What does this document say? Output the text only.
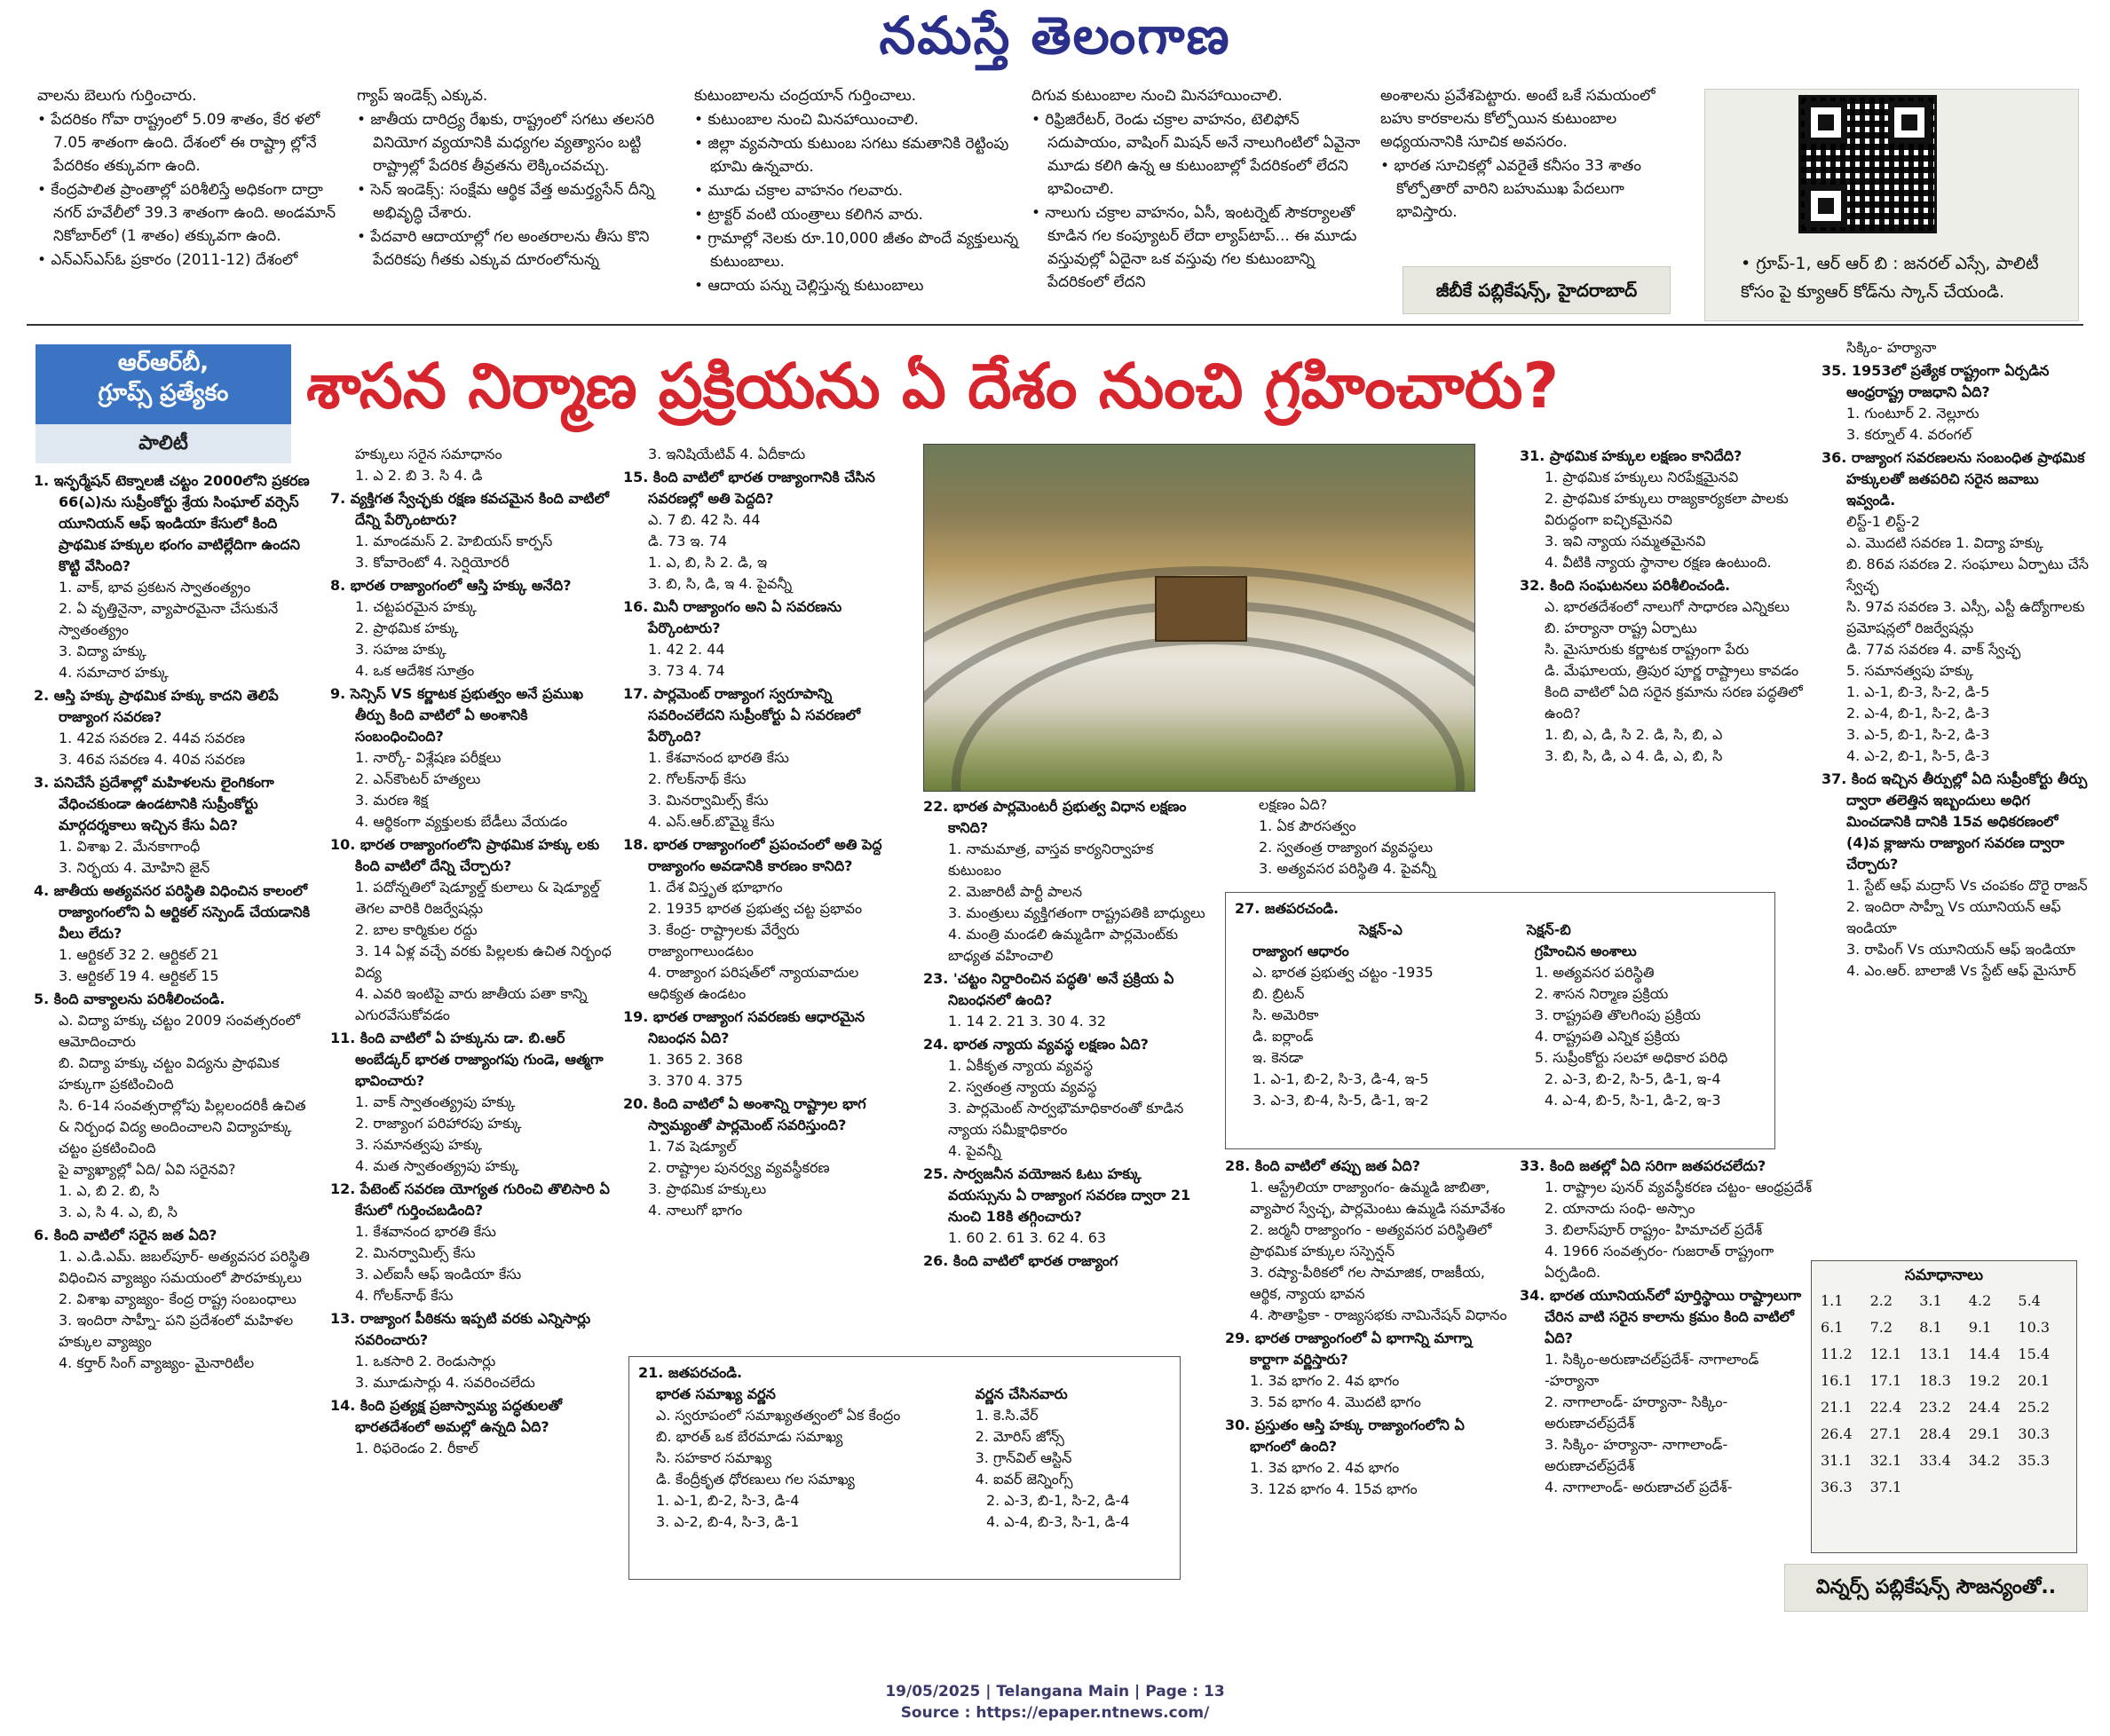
నమస్తే తెలంగాణ
వాలను బెలుగు గుర్తించారు.
• పేదరికం గోవా రాష్ట్రంలో 5.09 శాతం, కేర ళలో 7.05 శాతంగా ఉంది. దేశంలో ఈ రాష్ట్రా ల్లోనే పేదరికం తక్కువగా ఉంది.
• కేంద్రపాలిత ప్రాంతాల్లో పరిశీలిస్తే అధికంగా దాద్రా నగర్ హవేలీలో 39.3 శాతంగా ఉంది. అండమాన్ నికోబార్‌లో (1 శాతం) తక్కువగా ఉంది.
• ఎన్ఎస్ఎస్ఓ ప్రకారం (2011-12) దేశంలో
గ్యాప్ ఇండెక్స్ ఎక్కువ.
• జాతీయ దారిద్ర్య రేఖకు, రాష్ట్రంలో సగటు తలసరి వినియోగ వ్యయానికి మధ్యగల వ్యత్యాసం బట్టి రాష్ట్రాల్లో పేదరిక తీవ్రతను లెక్కించవచ్చు.
• సెన్ ఇండెక్స్: సంక్షేమ ఆర్థిక వేత్త అమర్త్యసేన్ దీన్ని అభివృద్ధి చేశారు.
• పేదవారి ఆదాయాల్లో గల అంతరాలను తీసు కొని పేదరికపు గీతకు ఎక్కువ దూరంలోనున్న
కుటుంబాలను చంద్రయాన్ గుర్తించాలు.
• కుటుంబాల నుంచి మినహాయించాలి.
• జిల్లా వ్యవసాయ కుటుంబ సగటు కమతానికి రెట్టింపు భూమి ఉన్నవారు.
• మూడు చక్రాల వాహనం గలవారు.
• ట్రాక్టర్ వంటి యంత్రాలు కలిగిన వారు.
• గ్రామాల్లో నెలకు రూ.10,000 జీతం పొందే వ్యక్తులున్న కుటుంబాలు.
• ఆదాయ పన్ను చెల్లిస్తున్న కుటుంబాలు
దిగువ కుటుంబాల నుంచి మినహాయించాలి.
• రిఫ్రిజిరేటర్, రెండు చక్రాల వాహనం, టెలిఫోన్ సదుపాయం, వాషింగ్ మిషన్ అనే నాలుగింటిలో ఏవైనా మూడు కలిగి ఉన్న ఆ కుటుంబాల్లో పేదరికంలో లేదని భావించాలి.
• నాలుగు చక్రాల వాహనం, ఏసీ, ఇంటర్నెట్ సౌకర్యాలతో కూడిన గల కంప్యూటర్ లేదా ల్యాప్‌టాప్... ఈ మూడు వస్తువుల్లో ఏదైనా ఒక వస్తువు గల కుటుంబాన్ని పేదరికంలో లేదని
అంశాలను ప్రవేశపెట్టారు. అంటే ఒకే సమయంలో బహు కారకాలను కోల్పోయిన కుటుంబాల అధ్యయనానికి సూచిక అవసరం.
• భారత సూచికల్లో ఎవరైతే కనీసం 33 శాతం కోల్పోతారో వారిని బహుముఖ పేదలుగా భావిస్తారు.
జీబీకే పబ్లికేషన్స్, హైదరాబాద్
• గ్రూప్-1, ఆర్ ఆర్ బి : జనరల్ ఎస్సే, పాలిటీ కోసం పై క్యూఆర్ కోడ్‌ను స్కాన్ చేయండి.
ఆర్ఆర్‌బీ,
గ్రూప్స్ ప్రత్యేకం
పాలిటీ
శాసన నిర్మాణ ప్రక్రియను ఏ దేశం నుంచి గ్రహించారు?
1. ఇన్ఫర్మేషన్ టెక్నాలజీ చట్టం 2000లోని ప్రకరణ 66(ఎ)ను సుప్రీంకోర్టు శ్రేయ సింఘాల్ వర్సెస్ యూనియన్ ఆఫ్ ఇండియా కేసులో కింది ప్రాథమిక హక్కుల భంగం వాటిల్లేదిగా ఉందని కొట్టి వేసింది?
1. వాక్, భావ ప్రకటన స్వాతంత్య్రం
2. ఏ వృత్తినైనా, వ్యాపారమైనా చేసుకునే స్వాతంత్య్రం
3. విద్యా హక్కు
4. సమాచార హక్కు
2. ఆస్తి హక్కు ప్రాథమిక హక్కు కాదని తెలిపే రాజ్యాంగ సవరణ?
1. 42వ సవరణ 2. 44వ సవరణ
3. 46వ సవరణ 4. 40వ సవరణ
3. పనిచేసే ప్రదేశాల్లో మహిళలను లైంగికంగా వేధించకుండా ఉండటానికి సుప్రీంకోర్టు మార్గదర్శకాలు ఇచ్చిన కేసు ఏది?
1. విశాఖ 2. మేనకాగాంధీ
3. నిర్భయ 4. మోహిని జైన్
4. జాతీయ అత్యవసర పరిస్థితి విధించిన కాలంలో రాజ్యాంగంలోని ఏ ఆర్టికల్ సస్పెండ్ చేయడానికి వీలు లేదు?
1. ఆర్టికల్ 32 2. ఆర్టికల్ 21
3. ఆర్టికల్ 19 4. ఆర్టికల్ 15
5. కింది వాక్యాలను పరిశీలించండి.
ఎ. విద్యా హక్కు చట్టం 2009 సంవత్సరంలో ఆమోదించారు
బి. విద్యా హక్కు చట్టం విద్యను ప్రాథమిక హక్కుగా ప్రకటించింది
సి. 6-14 సంవత్సరాల్లోపు పిల్లలందరికీ ఉచిత & నిర్బంధ విద్య అందించాలని విద్యాహక్కు చట్టం ప్రకటించింది
పై వ్యాఖ్యాల్లో ఏది/ ఏవి సరైనవి?
1. ఎ, బి 2. బి, సి
3. ఎ, సి 4. ఎ, బి, సి
6. కింది వాటిలో సరైన జత ఏది?
1. ఎ.డి.ఎమ్. జబల్‌పూర్- అత్యవసర పరిస్థితి విధించిన వ్యాజ్యం సమయంలో పౌరహక్కులు
2. విశాఖ వ్యాజ్యం- కేంద్ర రాష్ట్ర సంబంధాలు
3. ఇందిరా సాహ్నీ- పని ప్రదేశంలో మహిళల హక్కుల వ్యాజ్యం
4. కర్తార్ సింగ్ వ్యాజ్యం- మైనారిటీల
హక్కులు సరైన సమాధానం
1. ఎ 2. బి 3. సి 4. డి
7. వ్యక్తిగత స్వేచ్ఛకు రక్షణ కవచమైన కింది వాటిలో దేన్ని పేర్కొంటారు?
1. మాండమస్ 2. హెబియస్ కార్పస్
3. కోవారెంటో 4. సెర్షియోరరీ
8. భారత రాజ్యాంగంలో ఆస్తి హక్కు అనేది?
1. చట్టపరమైన హక్కు
2. ప్రాథమిక హక్కు
3. సహజ హక్కు
4. ఒక ఆదేశిక సూత్రం
9. సెన్సిస్ VS కర్ణాటక ప్రభుత్వం అనే ప్రముఖ తీర్పు కింది వాటిలో ఏ అంశానికి సంబంధించింది?
1. నార్కో- విశ్లేషణ పరీక్షలు
2. ఎన్‌కౌంటర్ హత్యలు
3. మరణ శిక్ష
4. ఆర్థికంగా వ్యక్తులకు బేడీలు వేయడం
10. భారత రాజ్యాంగంలోని ప్రాథమిక హక్కు లకు కింది వాటిలో దేన్ని చేర్చారు?
1. పదోన్నతిలో షెడ్యూల్డ్ కులాలు & షెడ్యూల్డ్ తెగల వారికి రిజర్వేషన్లు
2. బాల కార్మికుల రద్దు
3. 14 ఏళ్ల వచ్చే వరకు పిల్లలకు ఉచిత నిర్బంధ విద్య
4. ఎవరి ఇంటిపై వారు జాతీయ పతా కాన్ని ఎగురవేసుకోవడం
11. కింది వాటిలో ఏ హక్కును డా. బి.ఆర్ అంబేడ్కర్ భారత రాజ్యాంగపు గుండె, ఆత్మగా భావించారు?
1. వాక్ స్వాతంత్య్రపు హక్కు
2. రాజ్యాంగ పరిహారపు హక్కు
3. సమానత్వపు హక్కు
4. మత స్వాతంత్య్రపు హక్కు
12. పేటెంట్ సవరణ యోగ్యత గురించి తొలిసారి ఏ కేసులో గుర్తించబడింది?
1. కేశవానంద భారతి కేసు
2. మినర్వామిల్స్ కేసు
3. ఎల్ఐసీ ఆఫ్ ఇండియా కేసు
4. గోలక్‌నాథ్ కేసు
13. రాజ్యాంగ పీఠికను ఇప్పటి వరకు ఎన్నిసార్లు సవరించారు?
1. ఒకసారి 2. రెండుసార్లు
3. మూడుసార్లు 4. సవరించలేదు
14. కింది ప్రత్యక్ష ప్రజాస్వామ్య పద్ధతులతో భారతదేశంలో అమల్లో ఉన్నది ఏది?
1. రిఫరెండం 2. రీకాల్
3. ఇనిషియేటివ్ 4. ఏదీకాదు
15. కింది వాటిలో భారత రాజ్యాంగానికి చేసిన సవరణల్లో అతి పెద్దది?
ఎ. 7 బి. 42 సి. 44
డి. 73 ఇ. 74
1. ఎ, బి, సి 2. డి, ఇ
3. బి, సి, డి, ఇ 4. పైవన్నీ
16. మినీ రాజ్యాంగం అని ఏ సవరణను పేర్కొంటారు?
1. 42 2. 44
3. 73 4. 74
17. పార్లమెంట్ రాజ్యాంగ స్వరూపాన్ని సవరించలేదని సుప్రీంకోర్టు ఏ సవరణలో పేర్కొంది?
1. కేశవానంద భారతి కేసు
2. గోలక్‌నాథ్ కేసు
3. మినర్వామిల్స్ కేసు
4. ఎస్.ఆర్.బొమ్మై కేసు
18. భారత రాజ్యాంగంలో ప్రపంచంలో అతి పెద్ద రాజ్యాంగం అవడానికి కారణం కానిది?
1. దేశ విస్తృత భూభాగం
2. 1935 భారత ప్రభుత్వ చట్ట ప్రభావం
3. కేంద్ర- రాష్ట్రాలకు వేర్వేరు రాజ్యాంగాలుండటం
4. రాజ్యాంగ పరిషత్‌లో న్యాయవాదుల ఆధిక్యత ఉండటం
19. భారత రాజ్యాంగ సవరణకు ఆధారమైన నిబంధన ఏది?
1. 365 2. 368
3. 370 4. 375
20. కింది వాటిలో ఏ అంశాన్ని రాష్ట్రాల భాగ స్వామ్యంతో పార్లమెంట్ సవరిస్తుంది?
1. 7వ షెడ్యూల్
2. రాష్ట్రాల పునర్వ్య వ్యవస్థీకరణ
3. ప్రాథమిక హక్కులు
4. నాలుగో భాగం
22. భారత పార్లమెంటరీ ప్రభుత్వ విధాన లక్షణం కానిది?
1. నామమాత్ర, వాస్తవ కార్యనిర్వాహక కుటుంబం
2. మెజారిటీ పార్టీ పాలన
3. మంత్రులు వ్యక్తిగతంగా రాష్ట్రపతికి బాధ్యులు
4. మంత్రి మండలి ఉమ్మడిగా పార్లమెంట్‌కు బాధ్యత వహించాలి
23. 'చట్టం నిర్దారించిన పద్ధతి' అనే ప్రక్రియ ఏ నిబంధనలో ఉంది?
1. 14 2. 21 3. 30 4. 32
24. భారత న్యాయ వ్యవస్థ లక్షణం ఏది?
1. ఏకీకృత న్యాయ వ్యవస్థ
2. స్వతంత్ర న్యాయ వ్యవస్థ
3. పార్లమెంట్ సార్వభౌమాధికారంతో కూడిన న్యాయ సమీక్షాధికారం
4. పైవన్నీ
25. సార్వజనీన వయోజన ఓటు హక్కు వయస్సును ఏ రాజ్యాంగ సవరణ ద్వారా 21 నుంచి 18కి తగ్గించారు?
1. 60 2. 61 3. 62 4. 63
26. కింది వాటిలో భారత రాజ్యాంగ
లక్షణం ఏది?
1. ఏక పౌరసత్వం
2. స్వతంత్ర రాజ్యాంగ వ్యవస్థలు
3. అత్యవసర పరిస్థితి 4. పైవన్నీ
27. జతపరచండి.
సెక్షన్-ఎ	సెక్షన్-బి
రాజ్యాంగ ఆధారం	గ్రహించిన అంశాలు
ఎ. భారత ప్రభుత్వ చట్టం -1935	1. అత్యవసర పరిస్థితి
బి. బ్రిటన్	2. శాసన నిర్మాణ ప్రక్రియ
సి. అమెరికా	3. రాష్ట్రపతి తొలగింపు ప్రక్రియ
డి. ఐర్లాండ్	4. రాష్ట్రపతి ఎన్నిక ప్రక్రియ
ఇ. కెనడా	5. సుప్రీంకోర్టు సలహా అధికార పరిధి
1. ఎ-1, బి-2, సి-3, డి-4, ఇ-5	2. ఎ-3, బి-2, సి-5, డి-1, ఇ-4
3. ఎ-3, బి-4, సి-5, డి-1, ఇ-2	4. ఎ-4, బి-5, సి-1, డి-2, ఇ-3
28. కింది వాటిలో తప్పు జత ఏది?
1. ఆస్ట్రేలియా రాజ్యాంగం- ఉమ్మడి జాబితా, వ్యాపార స్వేచ్ఛ, పార్లమెంటు ఉమ్మడి సమావేశం
2. జర్మనీ రాజ్యాంగం - అత్యవసర పరిస్థితిలో ప్రాథమిక హక్కుల సస్పెన్షన్
3. రష్యా-పీఠికలో గల సామాజిక, రాజకీయ, ఆర్థిక, న్యాయ భావన
4. సౌతాఫ్రికా - రాజ్యసభకు నామినేషన్ విధానం
29. భారత రాజ్యాంగంలో ఏ భాగాన్ని మాగ్నా కార్టాగా వర్ణిస్తారు?
1. 3వ భాగం 2. 4వ భాగం
3. 5వ భాగం 4. మొదటి భాగం
30. ప్రస్తుతం ఆస్తి హక్కు రాజ్యాంగంలోని ఏ భాగంలో ఉంది?
1. 3వ భాగం 2. 4వ భాగం
3. 12వ భాగం 4. 15వ భాగం
21. జతపరచండి.
భారత సమాఖ్య వర్ణన	వర్ణన చేసినవారు
ఎ. స్వరూపంలో సమాఖ్యతత్వంలో ఏక కేంద్రం	1. కె.సి.వేర్
బి. భారత్ ఒక బేరమాడు సమాఖ్య	2. మోరిస్ జోన్స్
సి. సహకార సమాఖ్య	3. గ్రాన్‌విల్ ఆస్టిన్
డి. కేంద్రీకృత ధోరణులు గల సమాఖ్య	4. ఐవర్ జెన్నింగ్స్
1. ఎ-1, బి-2, సి-3, డి-4	2. ఎ-3, బి-1, సి-2, డి-4
3. ఎ-2, బి-4, సి-3, డి-1	4. ఎ-4, బి-3, సి-1, డి-4
31. ప్రాథమిక హక్కుల లక్షణం కానిదేది?
1. ప్రాథమిక హక్కులు నిరపేక్షమైనవి
2. ప్రాథమిక హక్కులు రాజ్యకార్యకలా పాలకు విరుద్ధంగా ఐచ్ఛికమైనవి
3. ఇవి న్యాయ సమ్మతమైనవి
4. వీటికి న్యాయ స్థానాల రక్షణ ఉంటుంది.
32. కింది సంఘటనలు పరిశీలించండి.
ఎ. భారతదేశంలో నాలుగో సాధారణ ఎన్నికలు
బి. హర్యానా రాష్ట్ర ఏర్పాటు
సి. మైసూరుకు కర్ణాటక రాష్ట్రంగా పేరు
డి. మేఘాలయ, త్రిపుర పూర్ణ రాష్ట్రాలు కావడం
కింది వాటిలో ఏది సరైన క్రమాను సరణ పద్ధతిలో ఉంది?
1. బి, ఎ, డి, సి 2. డి, సి, బి, ఎ
3. బి, సి, డి, ఎ 4. డి, ఎ, బి, సి
33. కింది జతల్లో ఏది సరిగా జతపరచలేదు?
1. రాష్ట్రాల పునర్ వ్యవస్థీకరణ చట్టం- ఆంధ్రప్రదేశ్
2. యానాదు సంధి- అస్సాం
3. బిలాస్‌పూర్ రాష్ట్రం- హిమాచల్ ప్రదేశ్
4. 1966 సంవత్సరం- గుజరాత్ రాష్ట్రంగా ఏర్పడింది.
34. భారత యూనియన్‌లో పూర్తిస్థాయి రాష్ట్రాలుగా చేరిన వాటి సరైన కాలాను క్రమం కింది వాటిలో ఏది?
1. సిక్కిం-అరుణాచల్‌ప్రదేశ్- నాగాలాండ్ -హర్యానా
2. నాగాలాండ్- హర్యానా- సిక్కిం- అరుణాచల్‌ప్రదేశ్
3. సిక్కిం- హర్యానా- నాగాలాండ్-అరుణాచల్‌ప్రదేశ్
4. నాగాలాండ్- అరుణాచల్ ప్రదేశ్-
సిక్కిం- హర్యానా
35. 1953లో ప్రత్యేక రాష్ట్రంగా ఏర్పడిన ఆంధ్రరాష్ట్ర రాజధాని ఏది?
1. గుంటూర్ 2. నెల్లూరు
3. కర్నూల్ 4. వరంగల్
36. రాజ్యాంగ సవరణలను సంబంధిత ప్రాథమిక హక్కులతో జతపరిచి సరైన జవాబు ఇవ్వండి.
లిస్ట్-1 లిస్ట్-2
ఎ. మొదటి సవరణ 1. విద్యా హక్కు
బి. 86వ సవరణ 2. సంఘాలు ఏర్పాటు చేసే స్వేచ్ఛ
సి. 97వ సవరణ 3. ఎస్సీ, ఎస్టీ ఉద్యోగాలకు ప్రమోషన్లలో రిజర్వేషన్లు
డి. 77వ సవరణ 4. వాక్ స్వేచ్ఛ
5. సమానత్వపు హక్కు
1. ఎ-1, బి-3, సి-2, డి-5
2. ఎ-4, బి-1, సి-2, డి-3
3. ఎ-5, బి-1, సి-2, డి-3
4. ఎ-2, బి-1, సి-5, డి-3
37. కింద ఇచ్చిన తీర్పుల్లో ఏది సుప్రీంకోర్టు తీర్పు ద్వారా తలెత్తిన ఇబ్బందులు అధిగ మించడానికి దానికి 15వ అధికరణంలో (4)వ క్లాజును రాజ్యాంగ సవరణ ద్వారా చేర్చారు?
1. స్టేట్ ఆఫ్ మద్రాస్ Vs చంపకం దొరై రాజన్
2. ఇందిరా సాహ్నీ Vs యూనియన్ ఆఫ్ ఇండియా
3. రాపింగ్ Vs యూనియన్ ఆఫ్ ఇండియా
4. ఎం.ఆర్. బాలాజీ Vs స్టేట్ ఆఫ్ మైసూర్
సమాధానాలు
1.1	2.2	3.1	4.2	5.4
6.1	7.2	8.1	9.1	10.3
11.2	12.1	13.1	14.4	15.4
16.1	17.1	18.3	19.2	20.1
21.1	22.4	23.2	24.4	25.2
26.4	27.1	28.4	29.1	30.3
31.1	32.1	33.4	34.2	35.3
36.3	37.1
విన్నర్స్ పబ్లికేషన్స్ సౌజన్యంతో..
19/05/2025 | Telangana Main | Page : 13
Source : https://epaper.ntnews.com/
